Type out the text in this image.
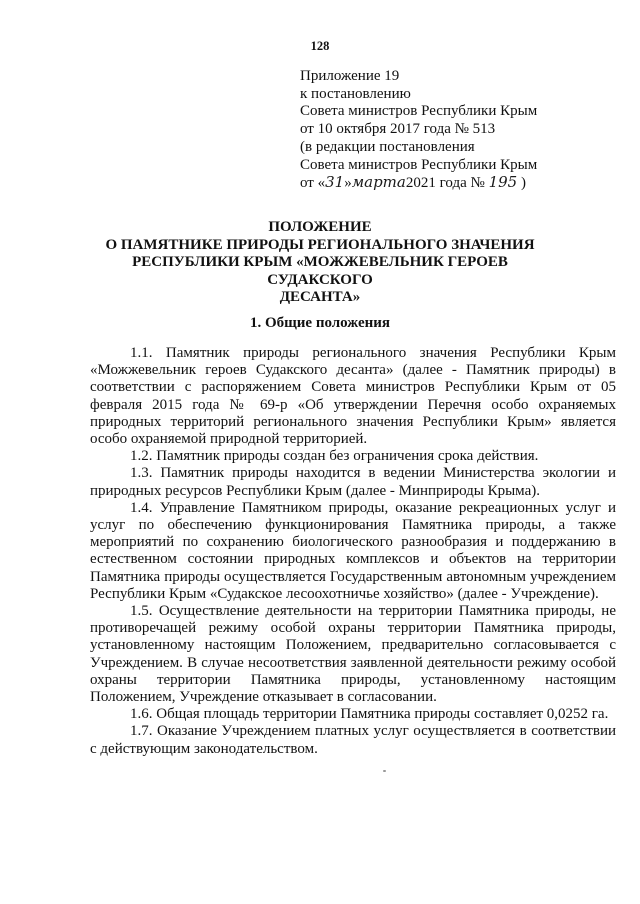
128
Приложение 19
к постановлению
Совета министров Республики Крым
от 10 октября 2017 года № 513
(в редакции постановления
Совета министров Республики Крым
от «31»марта2021 года № 195 )
ПОЛОЖЕНИЕ
О ПАМЯТНИКЕ ПРИРОДЫ РЕГИОНАЛЬНОГО ЗНАЧЕНИЯ
РЕСПУБЛИКИ КРЫМ «МОЖЖЕВЕЛЬНИК ГЕРОЕВ СУДАКСКОГО
ДЕСАНТА»
1. Общие положения

1.1. Памятник природы регионального значения Республики Крым «Можжевельник героев Судакского десанта» (далее - Памятник природы) в соответствии с распоряжением Совета министров Республики Крым от 05 февраля 2015 года № 69-р «Об утверждении Перечня особо охраняемых природных территорий регионального значения Республики Крым» является особо охраняемой природной территорией.

1.2. Памятник природы создан без ограничения срока действия.

1.3. Памятник природы находится в ведении Министерства экологии и природных ресурсов Республики Крым (далее - Минприроды Крыма).

1.4. Управление Памятником природы, оказание рекреационных услуг и услуг по обеспечению функционирования Памятника природы, а также мероприятий по сохранению биологического разнообразия и поддержанию в естественном состоянии природных комплексов и объектов на территории Памятника природы осуществляется Государственным автономным учреждением Республики Крым «Судакское лесоохотничье хозяйство» (далее - Учреждение).

1.5. Осуществление деятельности на территории Памятника природы, не противоречащей режиму особой охраны территории Памятника природы, установленному настоящим Положением, предварительно согласовывается с Учреждением. В случае несоответствия заявленной деятельности режиму особой охраны территории Памятника природы, установленному настоящим Положением, Учреждение отказывает в согласовании.

1.6. Общая площадь территории Памятника природы составляет 0,0252 га.

1.7. Оказание Учреждением платных услуг осуществляется в соответствии с действующим законодательством.
